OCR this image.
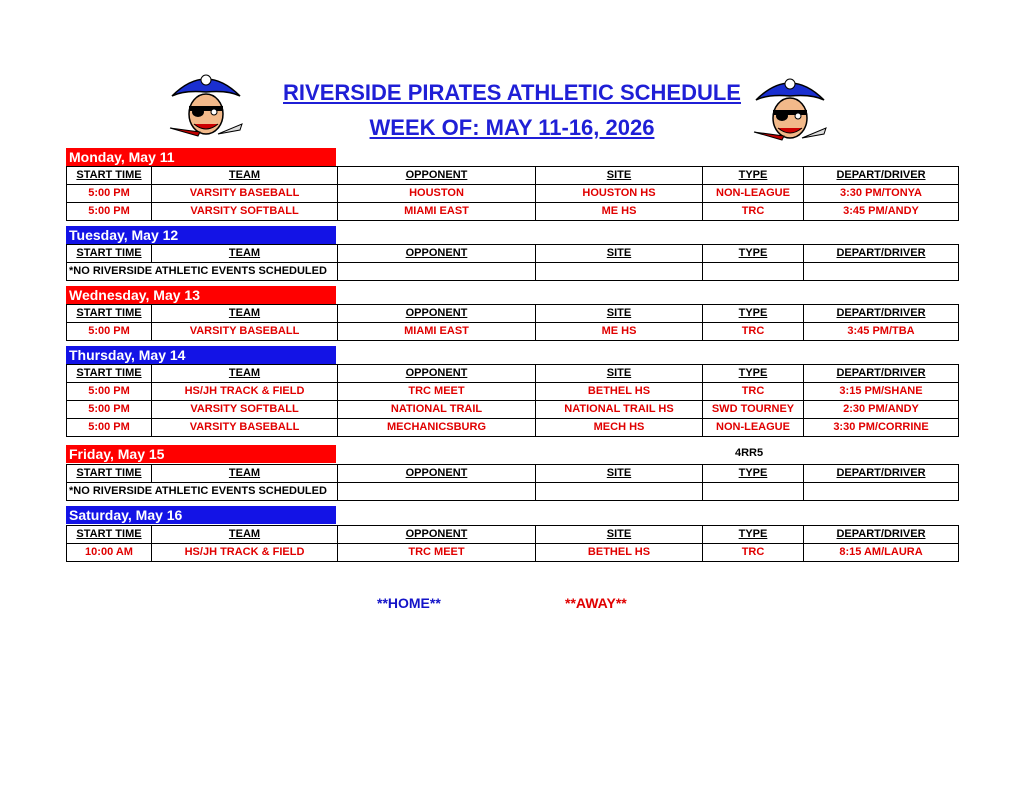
RIVERSIDE PIRATES ATHLETIC SCHEDULE
WEEK OF: MAY 11-16, 2026
Monday, May 11
START TIME	TEAM	OPPONENT	SITE	TYPE	DEPART/DRIVER
5:00 PM	VARSITY BASEBALL	HOUSTON	HOUSTON HS	NON-LEAGUE	3:30 PM/TONYA
5:00 PM	VARSITY SOFTBALL	MIAMI EAST	ME HS	TRC	3:45 PM/ANDY
Tuesday, May 12
START TIME	TEAM	OPPONENT	SITE	TYPE	DEPART/DRIVER
*NO RIVERSIDE ATHLETIC EVENTS SCHEDULED					
Wednesday, May 13
START TIME	TEAM	OPPONENT	SITE	TYPE	DEPART/DRIVER
5:00 PM	VARSITY BASEBALL	MIAMI EAST	ME HS	TRC	3:45 PM/TBA
Thursday, May 14
START TIME	TEAM	OPPONENT	SITE	TYPE	DEPART/DRIVER
5:00 PM	HS/JH TRACK & FIELD	TRC MEET	BETHEL HS	TRC	3:15 PM/SHANE
5:00 PM	VARSITY SOFTBALL	NATIONAL TRAIL	NATIONAL TRAIL HS	SWD TOURNEY	2:30 PM/ANDY
5:00 PM	VARSITY BASEBALL	MECHANICSBURG	MECH HS	NON-LEAGUE	3:30 PM/CORRINE
Friday, May 15	4RR5
START TIME	TEAM	OPPONENT	SITE	TYPE	DEPART/DRIVER
*NO RIVERSIDE ATHLETIC EVENTS SCHEDULED					
Saturday, May 16
START TIME	TEAM	OPPONENT	SITE	TYPE	DEPART/DRIVER
10:00 AM	HS/JH TRACK & FIELD	TRC MEET	BETHEL HS	TRC	8:15 AM/LAURA
**HOME**	**AWAY**
